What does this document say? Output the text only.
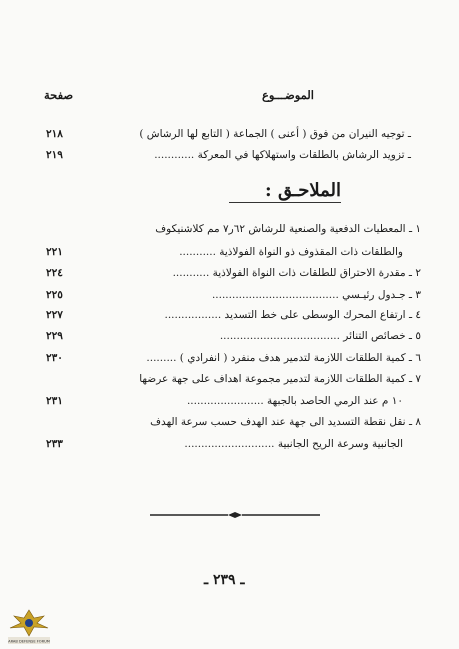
الموضـــوع
صفحة
ـ توجيه النيران من فوق ( أعنى ) الجماعة ( التابع لها الرشاش )
٢١٨
ـ تزويد الرشاش بالطلقات واستهلاكها في المعركة ............
٢١٩
الملاحـق :
١ ـ المعطيات الدفعية والصنعية للرشاش ٦٢ر٧ مم كلاشنيكوف
والطلقات ذات المقذوف ذو النواة الفولاذية ...........
٢٢١
٢ ـ مقدرة الاحتراق للطلقات ذات النواة الفولاذية ...........
٢٢٤
٣ ـ جـدول رئيـسي ......................................
٢٢٥
٤ ـ ارتفاع المحرك الوسطى على خط التسديد .................
٢٢٧
٥ ـ خصائص التنائر ....................................
٢٢٩
٦ ـ كمية الطلقات اللازمة لتدمير هدف منفرد ( انفرادي ) .........
٢٣٠
٧ ـ كمية الطلقات اللازمة لتدمير مجموعة اهداف على جهة عرضها
١٠ م عند الرمي الحاصد بالجبهة .......................
٢٣١
٨ ـ نقل نقطة التسديد الى جهة عند الهدف حسب سرعة الهدف
الجانبية وسرعة الريح الجانبية ...........................
٢٣٣
ـ ٢٣٩ ـ
ARAB DEFENSE FORUM
